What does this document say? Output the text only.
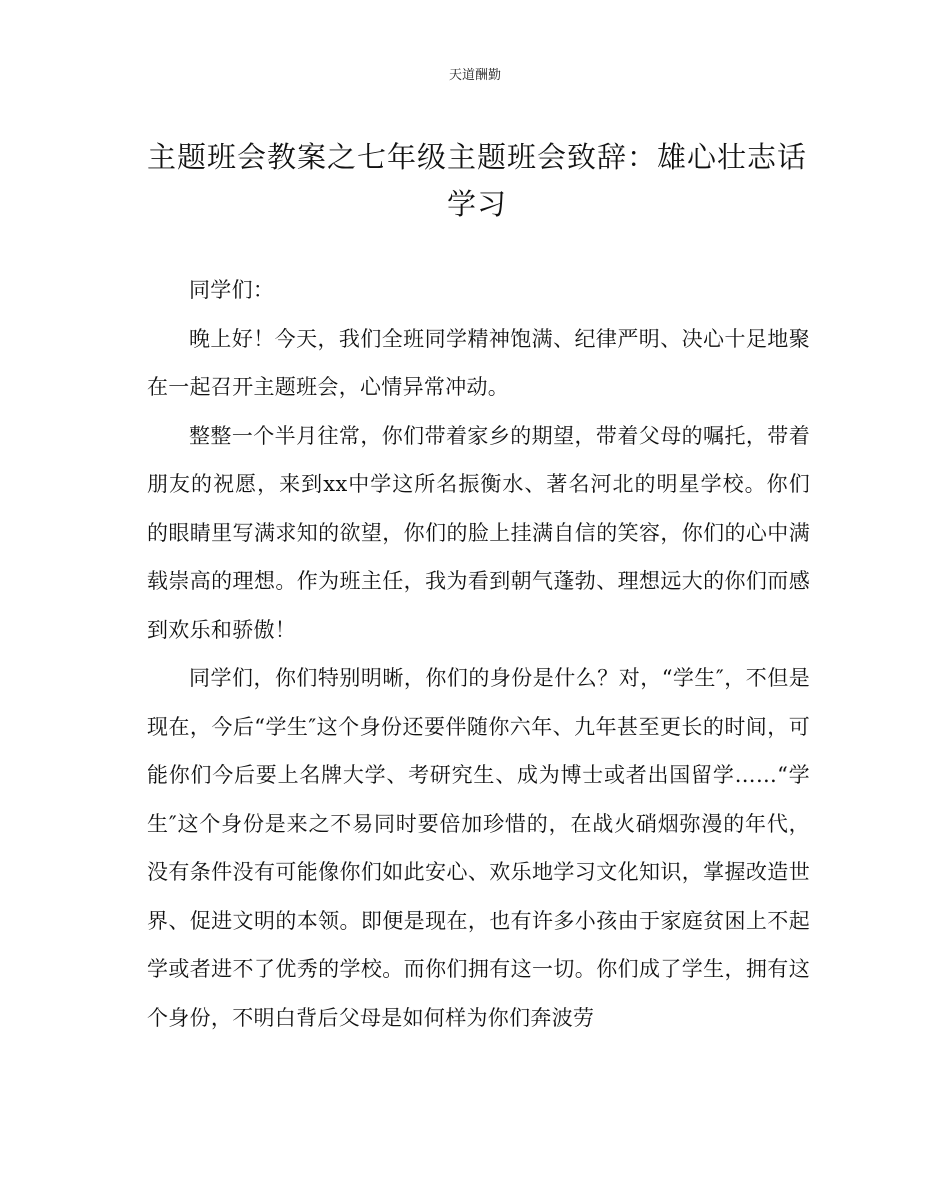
天道酬勤
主题班会教案之七年级主题班会致辞：雄心壮志话学习

同学们：

晚上好！今天，我们全班同学精神饱满、纪律严明、决心十足地聚在一起召开主题班会，心情异常冲动。

整整一个半月往常，你们带着家乡的期望，带着父母的嘱托，带着朋友的祝愿，来到xx中学这所名振衡水、著名河北的明星学校。你们的眼睛里写满求知的欲望，你们的脸上挂满自信的笑容，你们的心中满载崇高的理想。作为班主任，我为看到朝气蓬勃、理想远大的你们而感到欢乐和骄傲！

同学们，你们特别明晰，你们的身份是什么？对，“学生″，不但是现在，今后“学生″这个身份还要伴随你六年、九年甚至更长的时间，可能你们今后要上名牌大学、考研究生、成为博士或者出国留学……“学生″这个身份是来之不易同时要倍加珍惜的，在战火硝烟弥漫的年代，没有条件没有可能像你们如此安心、欢乐地学习文化知识，掌握改造世界、促进文明的本领。即便是现在，也有许多小孩由于家庭贫困上不起学或者进不了优秀的学校。而你们拥有这一切。你们成了学生，拥有这个身份，不明白背后父母是如何样为你们奔波劳
